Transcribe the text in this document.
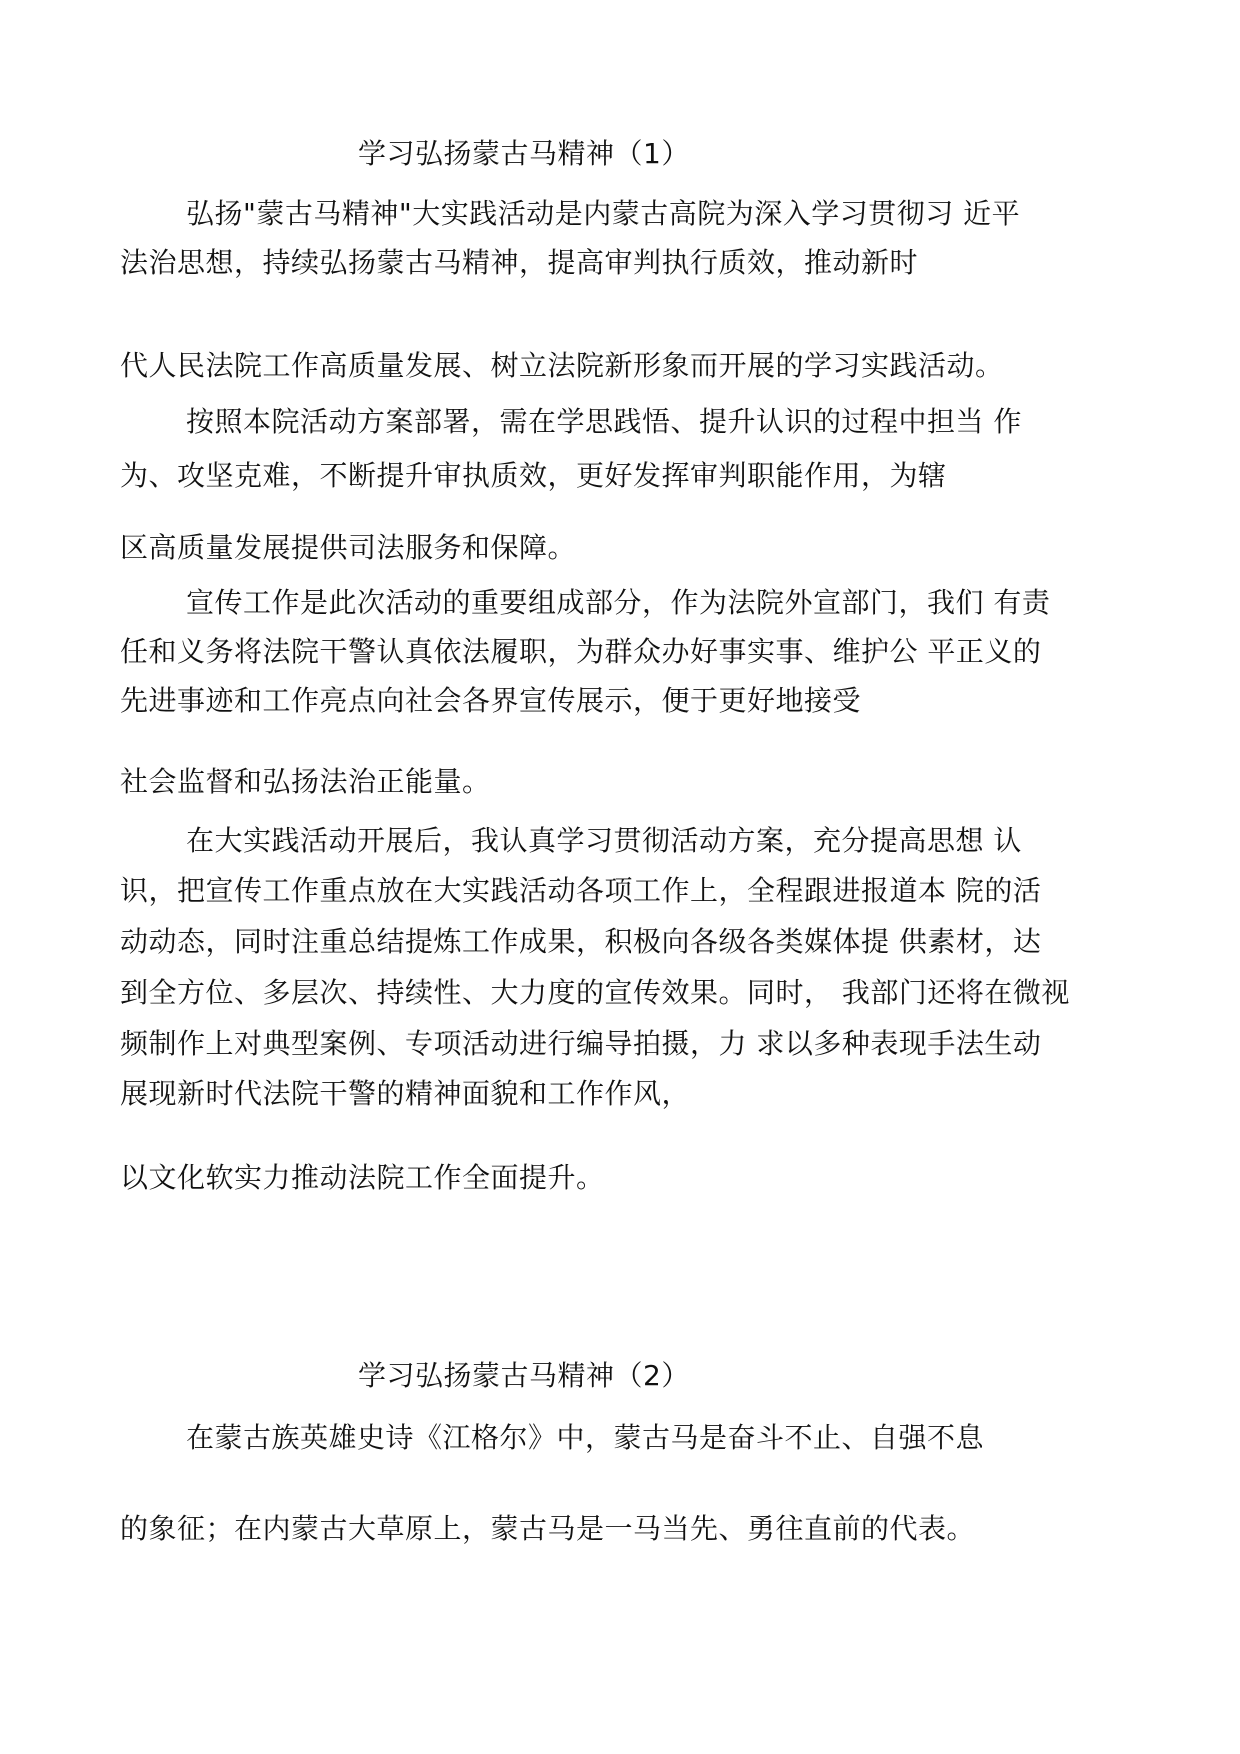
学习弘扬蒙古马精神（1）
弘扬"蒙古马精神"大实践活动是内蒙古高院为深入学习贯彻习 近平
法治思想，持续弘扬蒙古马精神，提高审判执行质效，推动新时
代人民法院工作高质量发展、树立法院新形象而开展的学习实践活动。
按照本院活动方案部署，需在学思践悟、提升认识的过程中担当 作
为、攻坚克难，不断提升审执质效，更好发挥审判职能作用，为辖
区高质量发展提供司法服务和保障。
宣传工作是此次活动的重要组成部分，作为法院外宣部门，我们 有责
任和义务将法院干警认真依法履职，为群众办好事实事、维护公 平正义的
先进事迹和工作亮点向社会各界宣传展示，便于更好地接受
社会监督和弘扬法治正能量。
在大实践活动开展后，我认真学习贯彻活动方案，充分提高思想 认
识，把宣传工作重点放在大实践活动各项工作上，全程跟进报道本 院的活
动动态，同时注重总结提炼工作成果，积极向各级各类媒体提 供素材，达
到全方位、多层次、持续性、大力度的宣传效果。同时， 我部门还将在微视
频制作上对典型案例、专项活动进行编导拍摄，力 求以多种表现手法生动
展现新时代法院干警的精神面貌和工作作风，
以文化软实力推动法院工作全面提升。
学习弘扬蒙古马精神（2）
在蒙古族英雄史诗《江格尔》中，蒙古马是奋斗不止、自强不息
的象征；在内蒙古大草原上，蒙古马是一马当先、勇往直前的代表。
